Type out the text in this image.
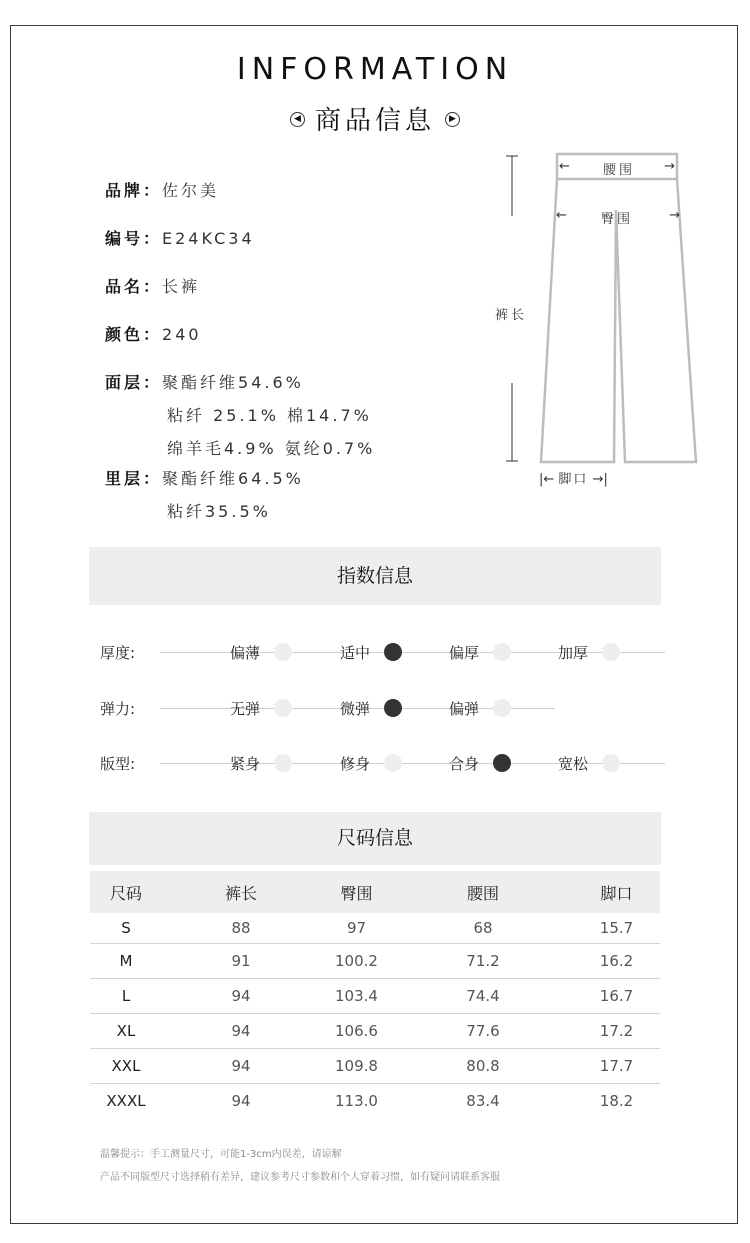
INFORMATION
◀ 商品信息 ▶
品牌：佐尔美
编号：E24KC34
品名：长裤
颜色：240
面层：聚酯纤维54.6%
粘纤 25.1% 棉14.7%
绵羊毛4.9% 氨纶0.7%
里层：聚酯纤维64.5%
粘纤35.5%
←	腰围 →
←	臀围	→
裤长
|← 脚口 →|
指数信息
厚度:	偏薄	适中	偏厚	加厚
弹力:	无弹	微弹	偏弹
版型:	紧身	修身	合身	宽松
尺码信息
尺码	裤长	臀围	腰围	脚口
S	88	97	68	15.7
M	91	100.2	71.2	16.2
L	94	103.4	74.4	16.7
XL	94	106.6	77.6	17.2
XXL	94	109.8	80.8	17.7
XXXL	94	113.0	83.4	18.2
温馨提示：手工测量尺寸，可能1-3cm内误差，请谅解
产品不同版型尺寸选择稍有差异，建议参考尺寸参数和个人穿着习惯，如有疑问请联系客服
